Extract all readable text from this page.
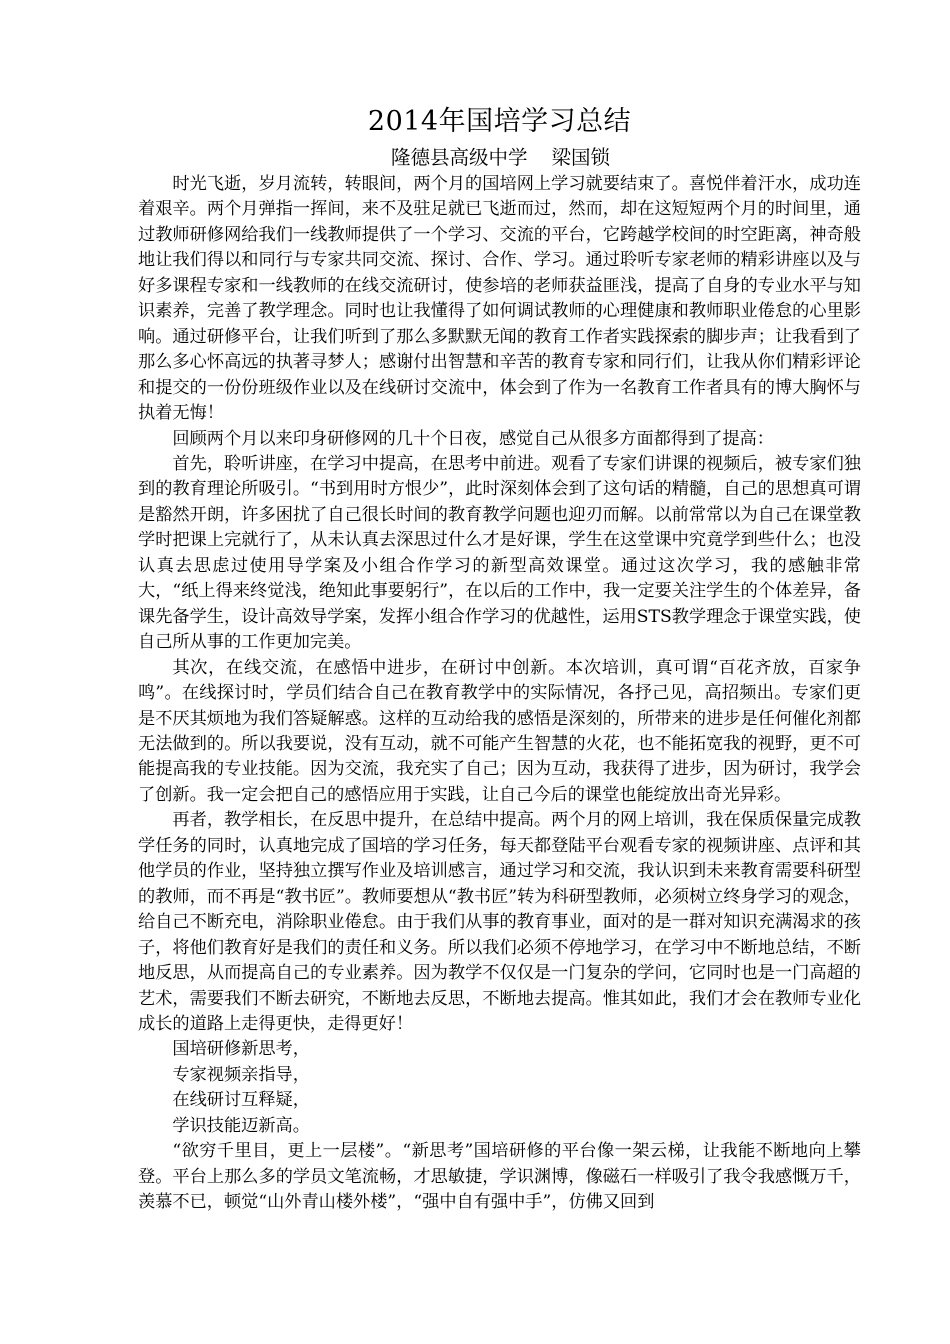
2014年国培学习总结
隆德县高级中学 梁国锁

时光飞逝，岁月流转，转眼间，两个月的国培网上学习就要结束了。喜悦伴着汗水，成功连着艰辛。两个月弹指一挥间，来不及驻足就已飞逝而过，然而，却在这短短两个月的时间里，通过教师研修网给我们一线教师提供了一个学习、交流的平台，它跨越学校间的时空距离，神奇般地让我们得以和同行与专家共同交流、探讨、合作、学习。通过聆听专家老师的精彩讲座以及与好多课程专家和一线教师的在线交流研讨，使参培的老师获益匪浅，提高了自身的专业水平与知识素养，完善了教学理念。同时也让我懂得了如何调试教师的心理健康和教师职业倦怠的心里影响。通过研修平台，让我们听到了那么多默默无闻的教育工作者实践探索的脚步声；让我看到了那么多心怀高远的执著寻梦人；感谢付出智慧和辛苦的教育专家和同行们，让我从你们精彩评论和提交的一份份班级作业以及在线研讨交流中，体会到了作为一名教育工作者具有的博大胸怀与执着无悔！

回顾两个月以来印身研修网的几十个日夜，感觉自己从很多方面都得到了提高：

首先，聆听讲座，在学习中提高，在思考中前进。观看了专家们讲课的视频后，被专家们独到的教育理论所吸引。“书到用时方恨少”，此时深刻体会到了这句话的精髓，自己的思想真可谓是豁然开朗，许多困扰了自己很长时间的教育教学问题也迎刃而解。以前常常以为自己在课堂教学时把课上完就行了，从未认真去深思过什么才是好课，学生在这堂课中究竟学到些什么；也没认真去思虑过使用导学案及小组合作学习的新型高效课堂。通过这次学习，我的感触非常大，“纸上得来终觉浅，绝知此事要躬行”，在以后的工作中，我一定要关注学生的个体差异，备课先备学生，设计高效导学案，发挥小组合作学习的优越性，运用STS教学理念于课堂实践，使自己所从事的工作更加完美。

其次，在线交流，在感悟中进步，在研讨中创新。本次培训，真可谓“百花齐放，百家争鸣”。在线探讨时，学员们结合自己在教育教学中的实际情况，各抒己见，高招频出。专家们更是不厌其烦地为我们答疑解惑。这样的互动给我的感悟是深刻的，所带来的进步是任何催化剂都无法做到的。所以我要说，没有互动，就不可能产生智慧的火花，也不能拓宽我的视野，更不可能提高我的专业技能。因为交流，我充实了自己；因为互动，我获得了进步，因为研讨，我学会了创新。我一定会把自己的感悟应用于实践，让自己今后的课堂也能绽放出奇光异彩。

再者，教学相长，在反思中提升，在总结中提高。两个月的网上培训，我在保质保量完成教学任务的同时，认真地完成了国培的学习任务，每天都登陆平台观看专家的视频讲座、点评和其他学员的作业，坚持独立撰写作业及培训感言，通过学习和交流，我认识到未来教育需要科研型的教师，而不再是“教书匠”。教师要想从“教书匠”转为科研型教师，必须树立终身学习的观念，给自己不断充电，消除职业倦怠。由于我们从事的教育事业，面对的是一群对知识充满渴求的孩子，将他们教育好是我们的责任和义务。所以我们必须不停地学习，在学习中不断地总结，不断地反思，从而提高自己的专业素养。因为教学不仅仅是一门复杂的学问，它同时也是一门高超的艺术，需要我们不断去研究，不断地去反思，不断地去提高。惟其如此，我们才会在教师专业化成长的道路上走得更快，走得更好！

国培研修新思考，

专家视频亲指导，

在线研讨互释疑，

学识技能迈新高。

“欲穷千里目，更上一层楼”。“新思考”国培研修的平台像一架云梯，让我能不断地向上攀登。平台上那么多的学员文笔流畅，才思敏捷，学识渊博，像磁石一样吸引了我令我感慨万千，羡慕不已，顿觉“山外青山楼外楼”，“强中自有强中手”，仿佛又回到
